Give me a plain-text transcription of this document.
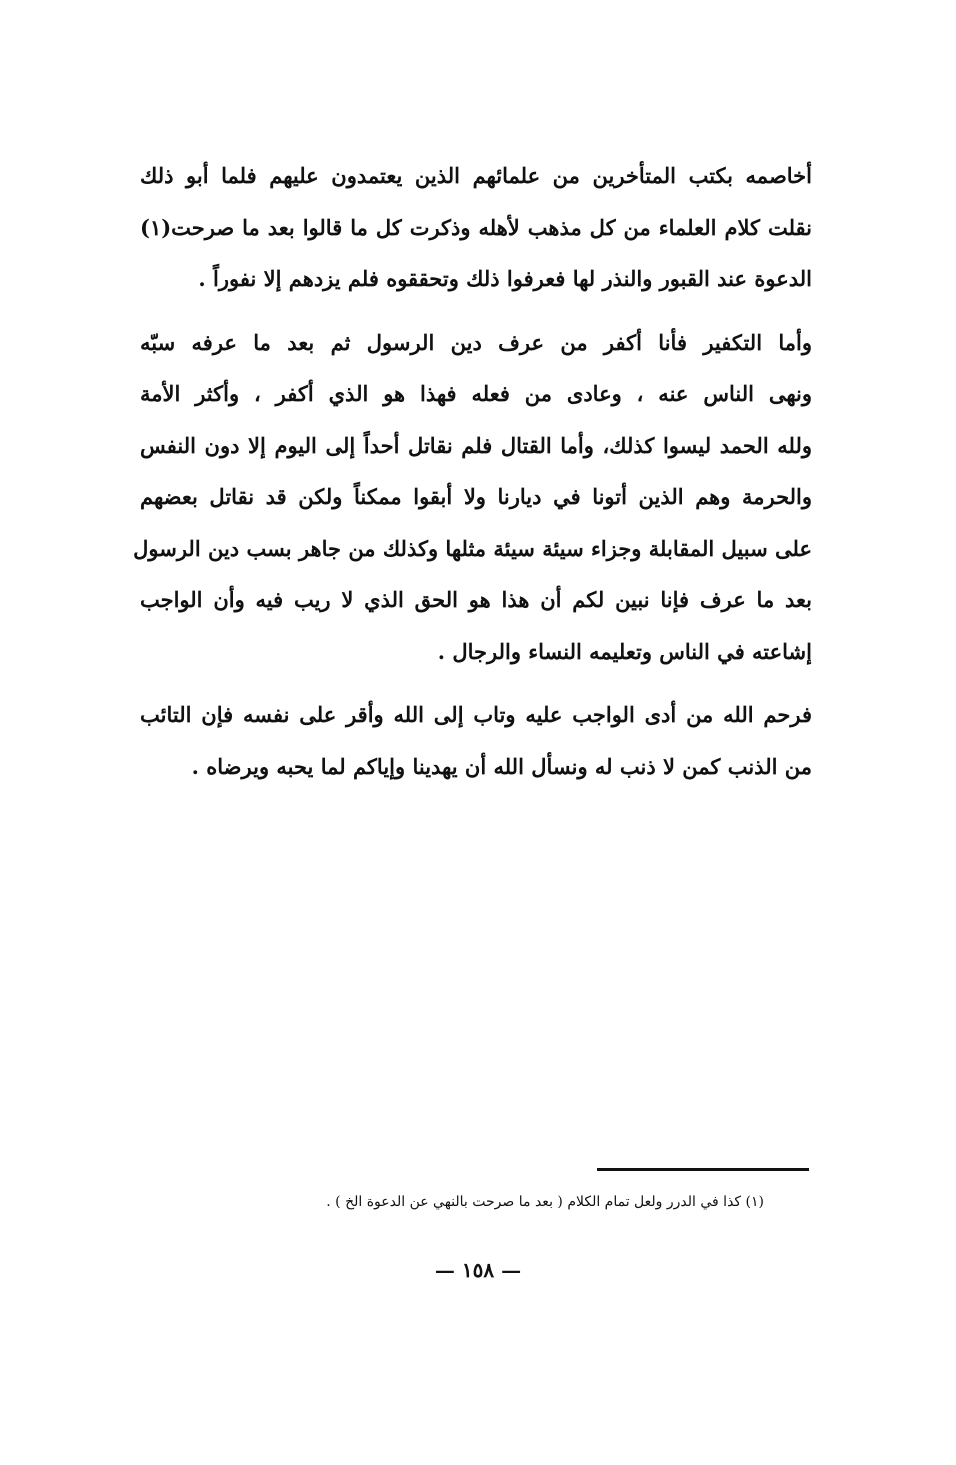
أخاصمه بكتب المتأخرين من علمائهم الذين يعتمدون عليهم فلما أبو ذلك
نقلت كلام العلماء من كل مذهب لأهله وذكرت كل ما قالوا بعد ما صرحت(١)
الدعوة عند القبور والنذر لها فعرفوا ذلك وتحققوه فلم يزدهم إلا نفوراً .

وأما التكفير فأنا أكفر من عرف دين الرسول ثم بعد ما عرفه سبّه
ونهى الناس عنه ، وعادى من فعله فهذا هو الذي أكفر ، وأكثر الأمة
ولله الحمد ليسوا كذلك، وأما القتال فلم نقاتل أحداً إلى اليوم إلا دون النفس
والحرمة وهم الذين أتونا في ديارنا ولا أبقوا ممكناً ولكن قد نقاتل بعضهم
على سبيل المقابلة وجزاء سيئة سيئة مثلها وكذلك من جاهر بسب دين الرسول
بعد ما عرف فإنا نبين لكم أن هذا هو الحق الذي لا ريب فيه وأن الواجب
إشاعته في الناس وتعليمه النساء والرجال .

فرحم الله من أدى الواجب عليه وتاب إلى الله وأقر على نفسه فإن التائب
من الذنب كمن لا ذنب له ونسأل الله أن يهدينا وإياكم لما يحبه ويرضاه .

(١) كذا في الدرر ولعل تمام الكلام ( بعد ما صرحت بالنهي عن الدعوة الخ ) .
— ١٥٨ —
